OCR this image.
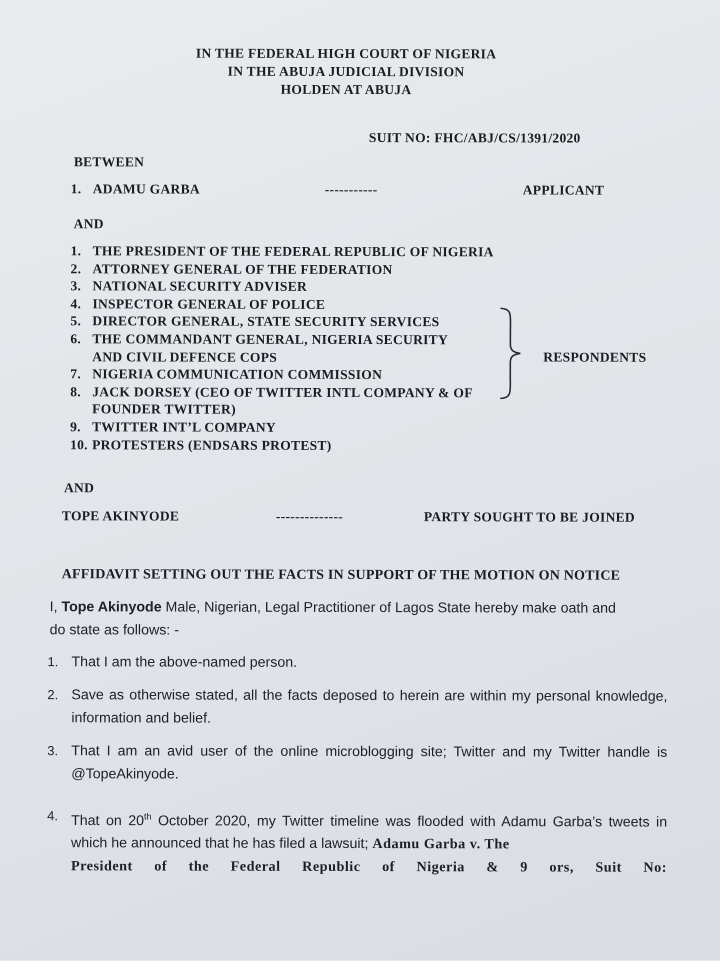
IN THE FEDERAL HIGH COURT OF NIGERIA
IN THE ABUJA JUDICIAL DIVISION
HOLDEN AT ABUJA
SUIT NO: FHC/ABJ/CS/1391/2020
BETWEEN
1. ADAMU GARBA	-----------	APPLICANT
AND
1. THE PRESIDENT OF THE FEDERAL REPUBLIC OF NIGERIA
2. ATTORNEY GENERAL OF THE FEDERATION
3. NATIONAL SECURITY ADVISER
4. INSPECTOR GENERAL OF POLICE
5. DIRECTOR GENERAL, STATE SECURITY SERVICES
6. THE COMMANDANT GENERAL, NIGERIA SECURITY
AND CIVIL DEFENCE COPS
7. NIGERIA COMMUNICATION COMMISSION
8. JACK DORSEY (CEO OF TWITTER INTL COMPANY & OF
FOUNDER TWITTER)
9. TWITTER INT’L COMPANY
10. PROTESTERS (ENDSARS PROTEST)
RESPONDENTS
AND
TOPE AKINYODE	--------------	PARTY SOUGHT TO BE JOINED
AFFIDAVIT SETTING OUT THE FACTS IN SUPPORT OF THE MOTION ON NOTICE
I, Tope Akinyode Male, Nigerian, Legal Practitioner of Lagos State hereby make oath and
do state as follows: -
1. That I am the above-named person.
2. Save as otherwise stated, all the facts deposed to herein are within my personal knowledge, information and belief.
3. That I am an avid user of the online microblogging site; Twitter and my Twitter handle is @TopeAkinyode.
4. That on 20th October 2020, my Twitter timeline was flooded with Adamu Garba’s tweets in which he announced that he has filed a lawsuit; Adamu Garba v. The

President of the Federal Republic of Nigeria & 9 ors, Suit No:
